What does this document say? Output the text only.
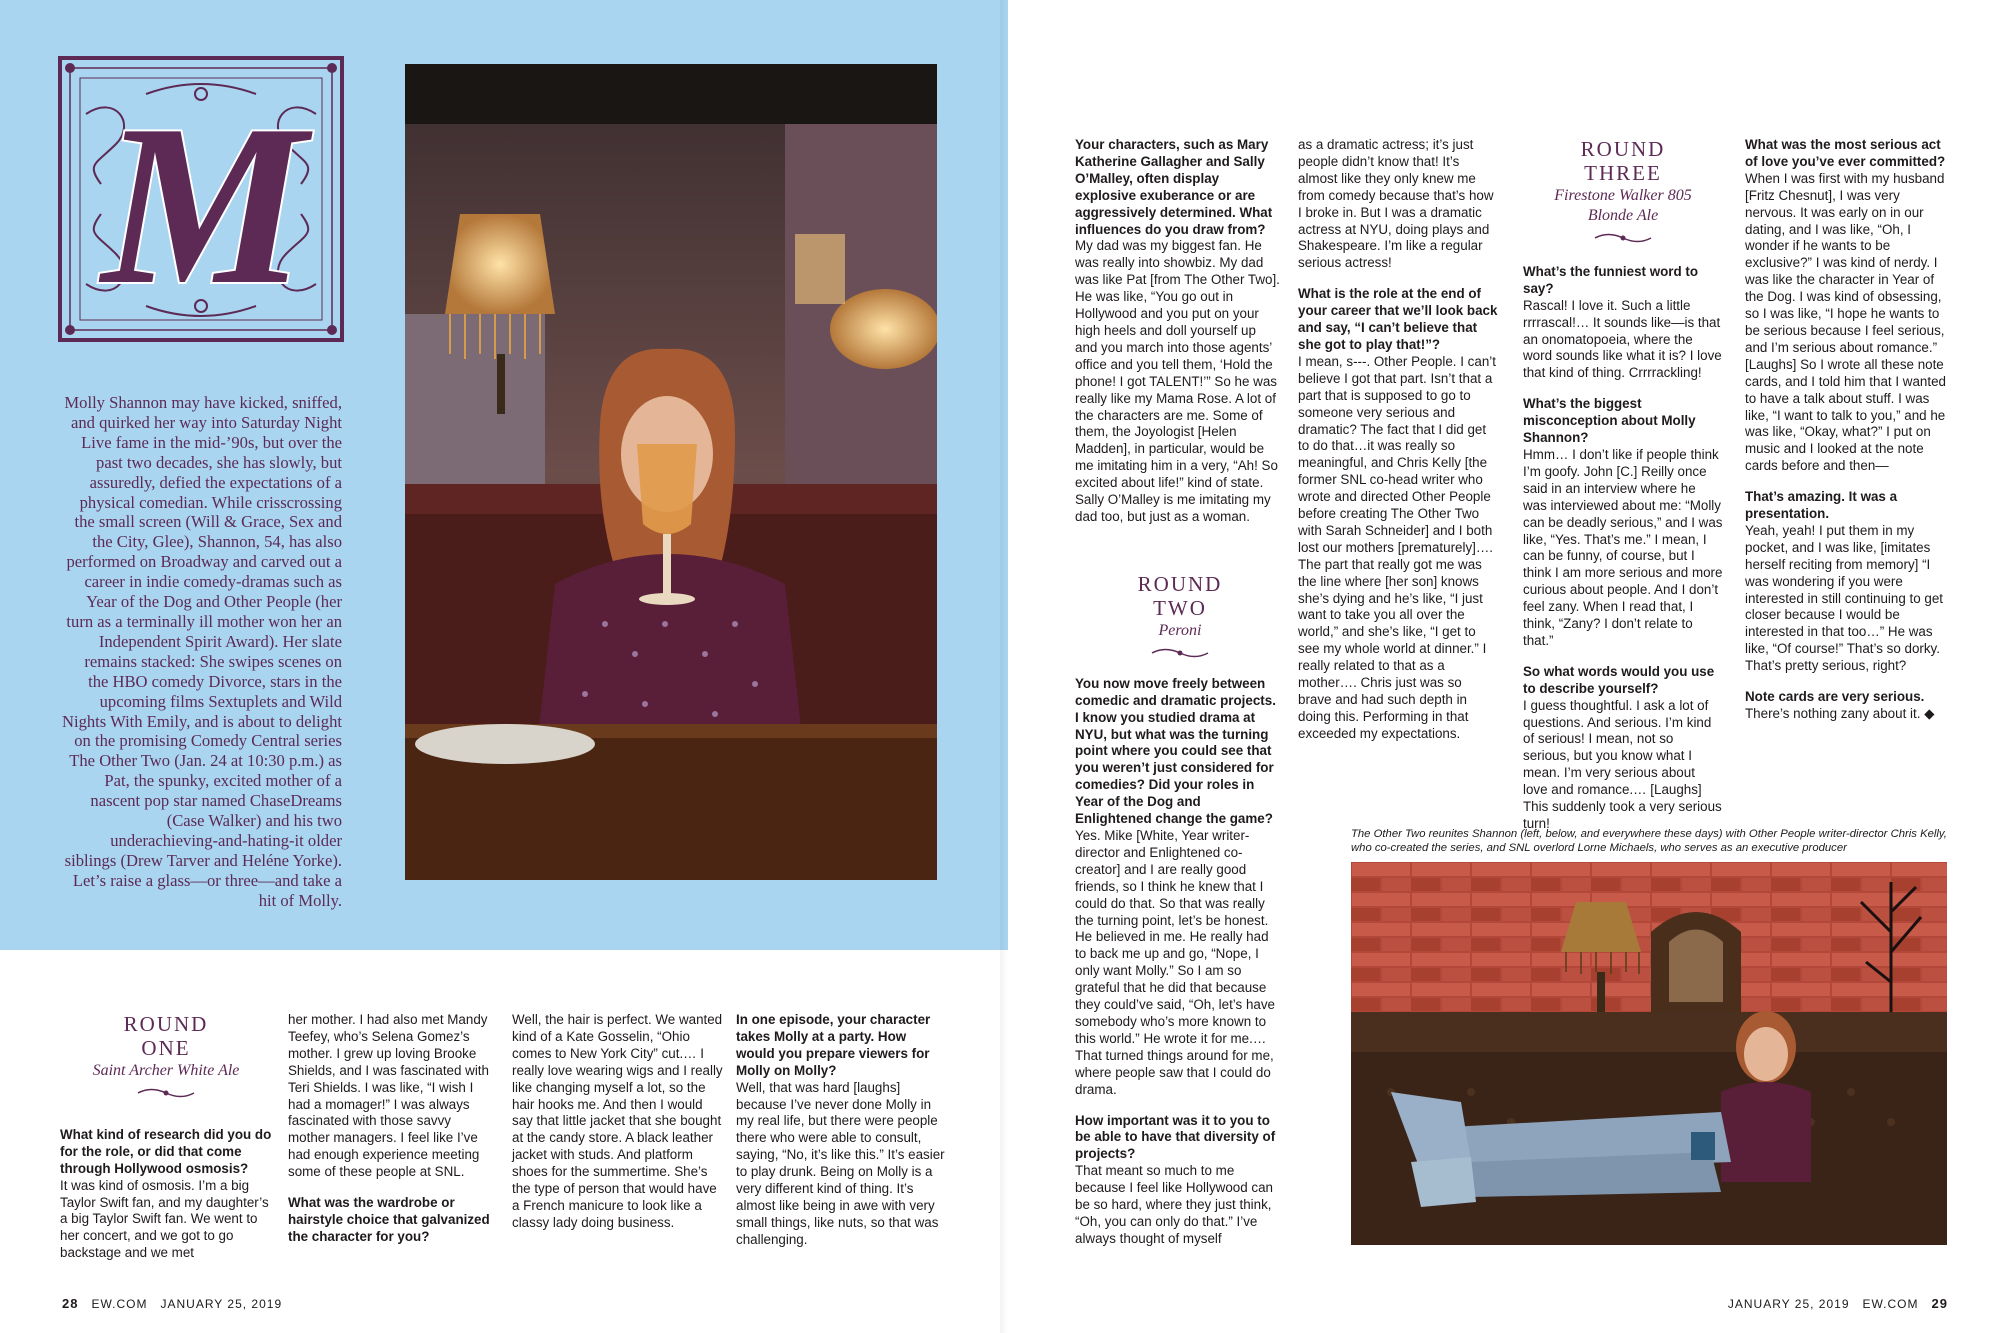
M

Molly Shannon may have kicked, sniffed, and quirked her way into Saturday Night Live fame in the mid-’90s, but over the past two decades, she has slowly, but assuredly, defied the expectations of a physical comedian. While crisscrossing the small screen (Will & Grace, Sex and the City, Glee), Shannon, 54, has also performed on Broadway and carved out a career in indie comedy-dramas such as Year of the Dog and Other People (her turn as a terminally ill mother won her an Independent Spirit Award). Her slate remains stacked: She swipes scenes on the HBO comedy Divorce, stars in the upcoming films Sextuplets and Wild Nights With Emily, and is about to delight on the promising Comedy Central series The Other Two (Jan. 24 at 10:30 p.m.) as Pat, the spunky, excited mother of a nascent pop star named ChaseDreams (Case Walker) and his two underachieving-and-hating-it older siblings (Drew Tarver and Heléne Yorke). Let’s raise a glass—or three—and take a hit of Molly.

ROUND
ONE
Saint Archer White Ale

What kind of research did you do for the role, or did that come through Hollywood osmosis?
It was kind of osmosis. I’m a big Taylor Swift fan, and my daughter’s a big Taylor Swift fan. We went to her concert, and we got to go backstage and we met

her mother. I had also met Mandy Teefey, who’s Selena Gomez’s mother. I grew up loving Brooke Shields, and I was fascinated with Teri Shields. I was like, “I wish I had a momager!” I was always fascinated with those savvy mother managers. I feel like I’ve had enough experience meeting some of these people at SNL.

What was the wardrobe or hairstyle choice that galvanized the character for you?

Well, the hair is perfect. We wanted kind of a Kate Gosselin, “Ohio comes to New York City” cut.… I really love wearing wigs and I really like changing myself a lot, so the hair hooks me. And then I would say that little jacket that she bought at the candy store. A black leather jacket with studs. And platform shoes for the summertime. She’s the type of person that would have a French manicure to look like a classy lady doing business.

In one episode, your character takes Molly at a party. How would you prepare viewers for Molly on Molly?
Well, that was hard [laughs] because I’ve never done Molly in my real life, but there were people there who were able to consult, saying, “No, it’s like this.” It’s easier to play drunk. Being on Molly is a very different kind of thing. It’s almost like being in awe with very small things, like nuts, so that was challenging.

Your characters, such as Mary Katherine Gallagher and Sally O’Malley, often display explosive exuberance or are aggressively determined. What influences do you draw from?
My dad was my biggest fan. He was really into showbiz. My dad was like Pat [from The Other Two]. He was like, “You go out in Hollywood and you put on your high heels and doll yourself up and you march into those agents’ office and you tell them, ‘Hold the phone! I got TALENT!’” So he was really like my Mama Rose. A lot of the characters are me. Some of them, the Joyologist [Helen Madden], in particular, would be me imitating him in a very, “Ah! So excited about life!” kind of state. Sally O’Malley is me imitating my dad too, but just as a woman.

You now move freely between comedic and dramatic projects. I know you studied drama at NYU, but what was the turning point where you could see that you weren’t just considered for comedies? Did your roles in Year of the Dog and Enlightened change the game?
Yes. Mike [White, Year writer-director and Enlightened co-creator] and I are really good friends, so I think he knew that I could do that. So that was really the turning point, let’s be honest. He believed in me. He really had to back me up and go, “Nope, I only want Molly.” So I am so grateful that he did that because they could’ve said, “Oh, let’s have somebody who’s more known to this world.” He wrote it for me.… That turned things around for me, where people saw that I could do drama.

How important was it to you to be able to have that diversity of projects?
That meant so much to me because I feel like Hollywood can be so hard, where they just think, “Oh, you can only do that.” I’ve always thought of myself

as a dramatic actress; it’s just people didn’t know that! It’s almost like they only knew me from comedy because that’s how I broke in. But I was a dramatic actress at NYU, doing plays and Shakespeare. I’m like a regular serious actress!

What is the role at the end of your career that we’ll look back and say, “I can’t believe that she got to play that!”?
I mean, s---. Other People. I can’t believe I got that part. Isn’t that a part that is supposed to go to someone very serious and dramatic? The fact that I did get to do that…it was really so meaningful, and Chris Kelly [the former SNL co-head writer who wrote and directed Other People before creating The Other Two with Sarah Schneider] and I both lost our mothers [prematurely]…. The part that really got me was the line where [her son] knows she’s dying and he’s like, “I just want to take you all over the world,” and she’s like, “I get to see my whole world at dinner.” I really related to that as a mother…. Chris just was so brave and had such depth in doing this. Performing in that exceeded my expectations.

ROUND
TWO
Peroni
ROUND
THREE
Firestone Walker 805
Blonde Ale

What’s the funniest word to say?
Rascal! I love it. Such a little rrrrascal!… It sounds like—is that an onomatopoeia, where the word sounds like what it is? I love that kind of thing. Crrrrackling!

What’s the biggest misconception about Molly Shannon?
Hmm… I don’t like if people think I’m goofy. John [C.] Reilly once said in an interview where he was interviewed about me: “Molly can be deadly serious,” and I was like, “Yes. That’s me.” I mean, I can be funny, of course, but I think I am more serious and more curious about people. And I don’t feel zany. When I read that, I think, “Zany? I don’t relate to that.”

So what words would you use to describe yourself?
I guess thoughtful. I ask a lot of questions. And serious. I’m kind of serious! I mean, not so serious, but you know what I mean. I’m very serious about love and romance.… [Laughs] This suddenly took a very serious turn!

What was the most serious act of love you’ve ever committed?
When I was first with my husband [Fritz Chesnut], I was very nervous. It was early on in our dating, and I was like, “Oh, I wonder if he wants to be exclusive?” I was kind of nerdy. I was like the character in Year of the Dog. I was kind of obsessing, so I was like, “I hope he wants to be serious because I feel serious, and I’m serious about romance.” [Laughs] So I wrote all these note cards, and I told him that I wanted to have a talk about stuff. I was like, “I want to talk to you,” and he was like, “Okay, what?” I put on music and I looked at the note cards before and then—

That’s amazing. It was a presentation.
Yeah, yeah! I put them in my pocket, and I was like, [imitates herself reciting from memory] “I was wondering if you were interested in still continuing to get closer because I would be interested in that too…” He was like, “Of course!” That’s so dorky. That’s pretty serious, right?

Note cards are very serious.
There’s nothing zany about it. ◆

The Other Two reunites Shannon (left, below, and everywhere these days) with Other People writer-director Chris Kelly, who co-created the series, and SNL overlord Lorne Michaels, who serves as an executive producer
28 EW.COM JANUARY 25, 2019	JANUARY 25, 2019 EW.COM 29
